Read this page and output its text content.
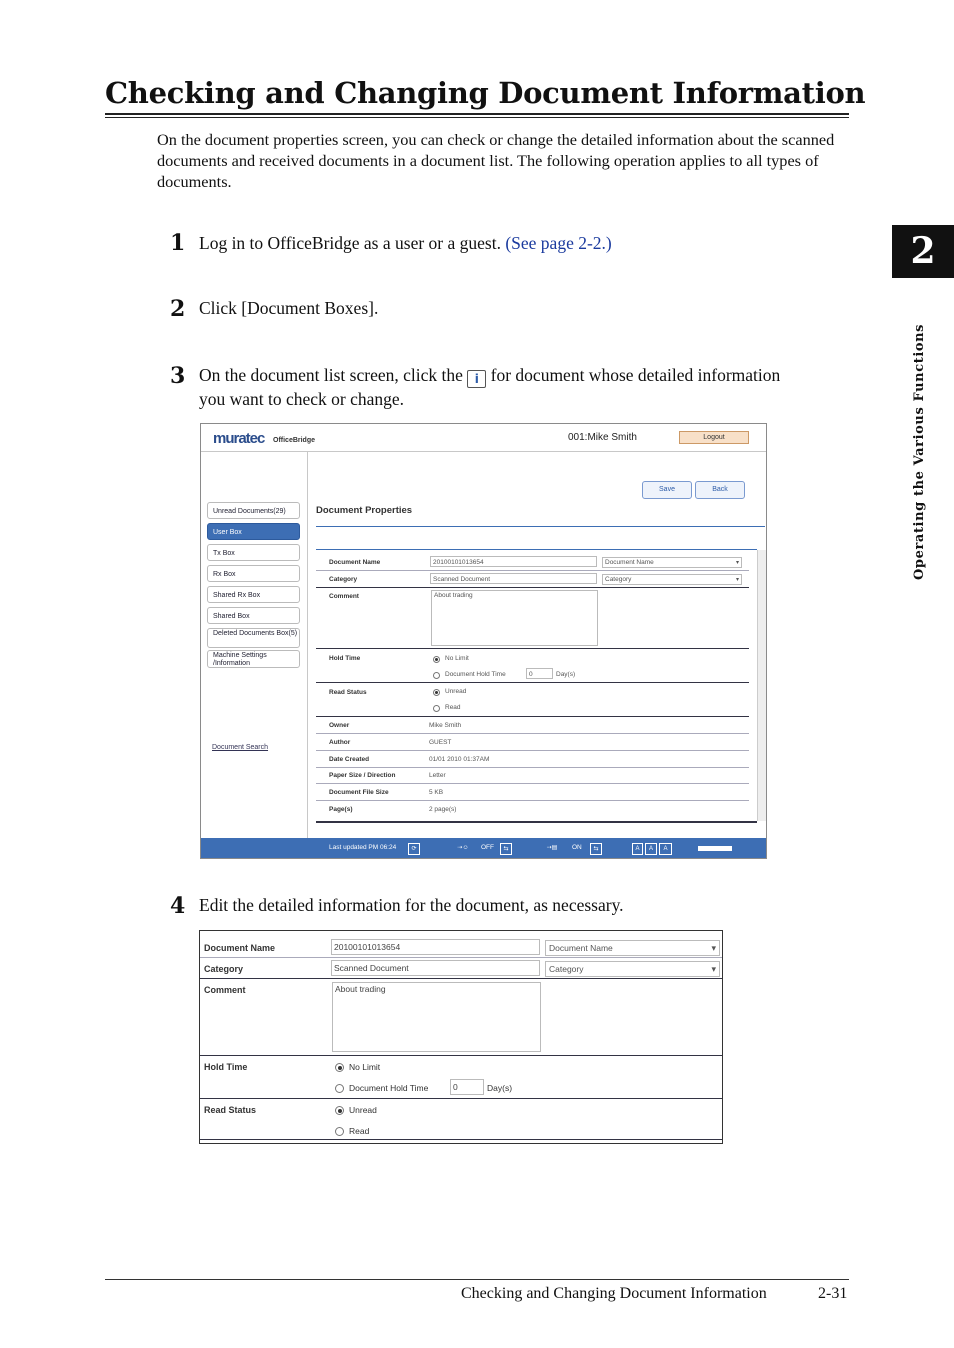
Checking and Changing Document Information
On the document properties screen, you can check or change the detailed information about the scanned documents and received documents in a document list. The following operation applies to all types of documents.
2
Operating the Various Functions
1 Log in to OfficeBridge as a user or a guest. (See page 2-2.)
2 Click [Document Boxes].
3 On the document list screen, click the i for document whose detailed information you want to check or change.
muratec OfficeBridge	001:Mike Smith	Logout
Unread Documents(29)
User Box
Tx Box
Rx Box
Shared Rx Box
Shared Box
Deleted Documents Box(5)
Machine Settings /Information
Document Search
Save	Back
Document Properties
Document Name	20100101013654	Document Name ▾
Category	Scanned Document	Category ▾
Comment	About trading
Hold Time	No Limit
Document Hold Time	0	Day(s)
Read Status	Unread
Read
Owner	Mike Smith
Author	GUEST
Date Created	01/01 2010 01:37AM
Paper Size / Direction	Letter
Document File Size	5 KB
Page(s)	2 page(s)
Last updated PM 06:24	⟳	⇢☺	OFF	⇆	⇢▤	ON	⇆	A	A	A
4 Edit the detailed information for the document, as necessary.
Document Name	20100101013654	Document Name ▾
Category	Scanned Document	Category ▾
Comment	About trading
Hold Time	No Limit
Document Hold Time	0	Day(s)
Read Status	Unread
Read
Checking and Changing Document Information	2-31
